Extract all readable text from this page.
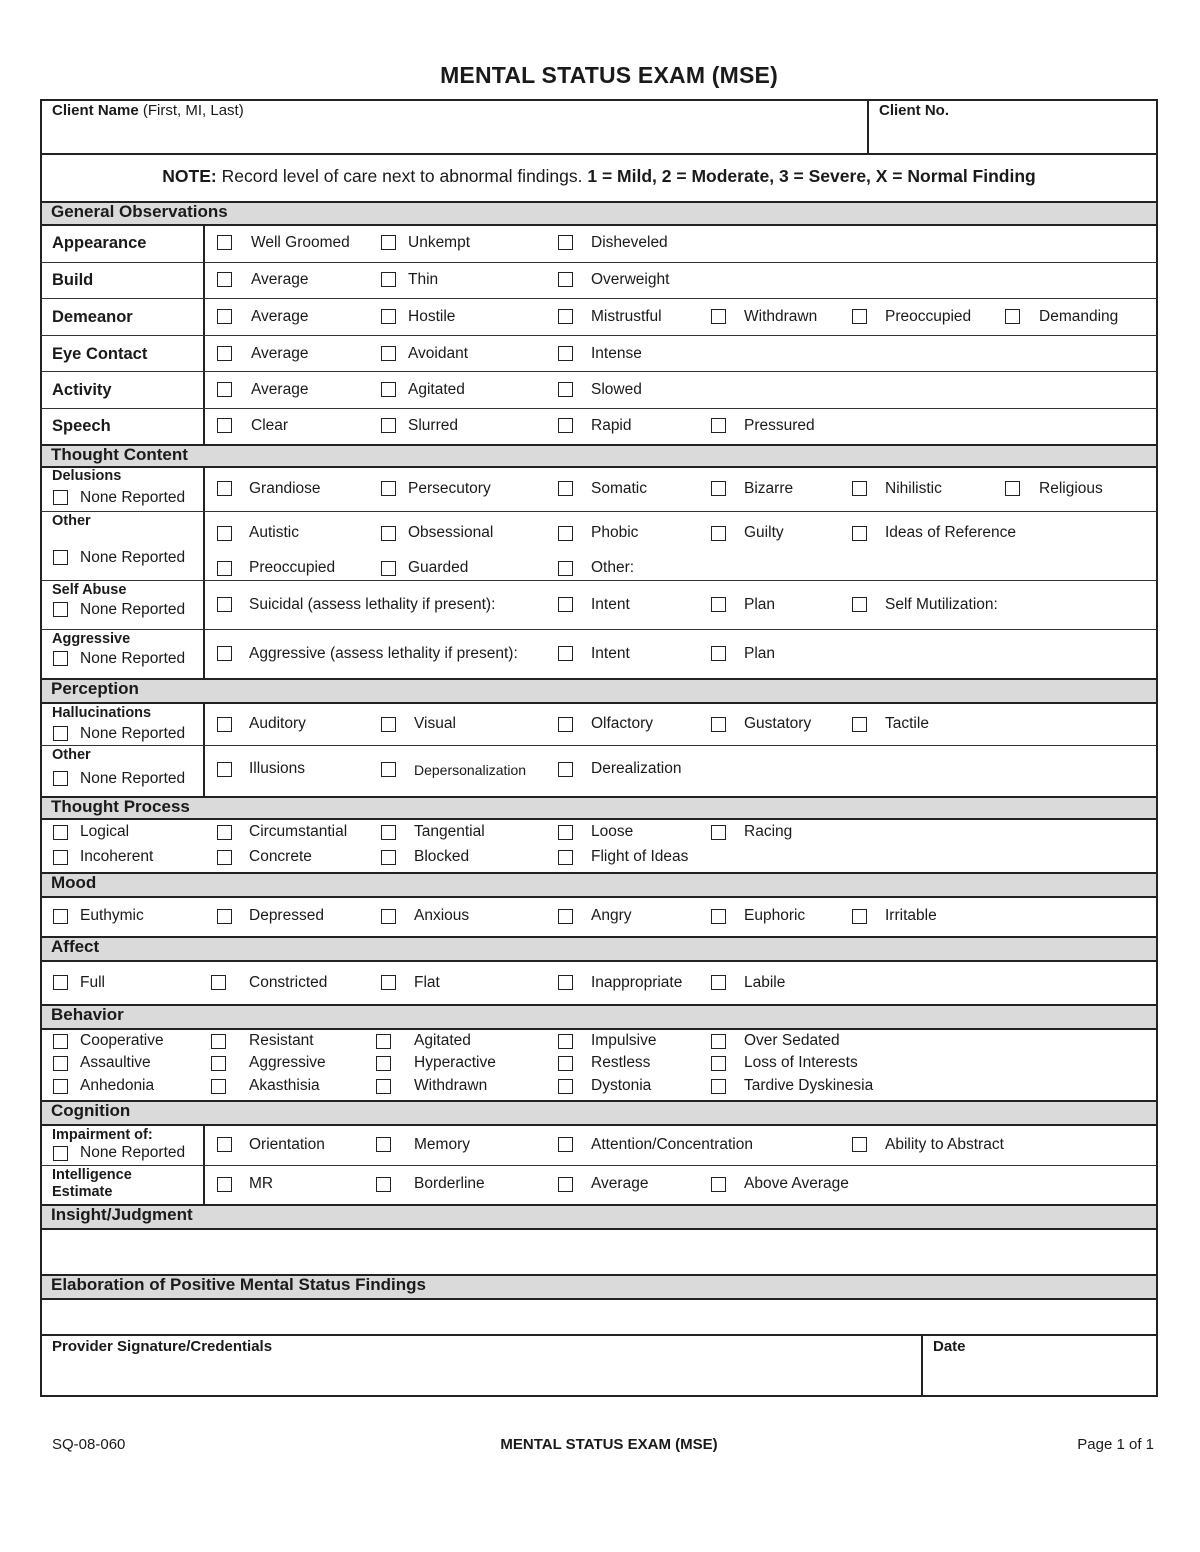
MENTAL STATUS EXAM (MSE)
Client Name (First, MI, Last)	Client No.
NOTE: Record level of care next to abnormal findings. 1 = Mild, 2 = Moderate, 3 = Severe, X = Normal Finding
General Observations
Appearance	Well Groomed	Unkempt	Disheveled
Build	Average	Thin	Overweight
Demeanor	Average	Hostile	Mistrustful	Withdrawn	Preoccupied	Demanding
Eye Contact	Average	Avoidant	Intense
Activity	Average	Agitated	Slowed
Speech	Clear	Slurred	Rapid	Pressured
Thought Content
Delusions
None Reported
Grandiose	Persecutory	Somatic	Bizarre	Nihilistic	Religious
Other
None Reported
Autistic	Obsessional	Phobic	Guilty	Ideas of Reference
Preoccupied	Guarded	Other:
Self Abuse
None Reported	Suicidal (assess lethality if present):	Intent	Plan	Self Mutilization:
Aggressive
None Reported	Aggressive (assess lethality if present):	Intent	Plan
Perception
Hallucinations
None Reported
Auditory	Visual	Olfactory	Gustatory	Tactile
Other
None Reported
Illusions	Depersonalization	Derealization
Thought Process
Logical	Circumstantial	Tangential	Loose	Racing
Incoherent	Concrete	Blocked	Flight of Ideas
Mood
Euthymic	Depressed	Anxious	Angry	Euphoric	Irritable
Affect
Full	Constricted	Flat	Inappropriate	Labile
Behavior
Cooperative	Resistant	Agitated	Impulsive	Over Sedated
Assaultive	Aggressive	Hyperactive	Restless	Loss of Interests
Anhedonia	Akasthisia	Withdrawn	Dystonia	Tardive Dyskinesia
Cognition
Impairment of:
None Reported	Orientation	Memory	Attention/Concentration	Ability to Abstract
Intelligence
Estimate	MR	Borderline	Average	Above Average
Insight/Judgment
Elaboration of Positive Mental Status Findings
Provider Signature/Credentials	Date
SQ-08-060	MENTAL STATUS EXAM (MSE)	Page 1 of 1
